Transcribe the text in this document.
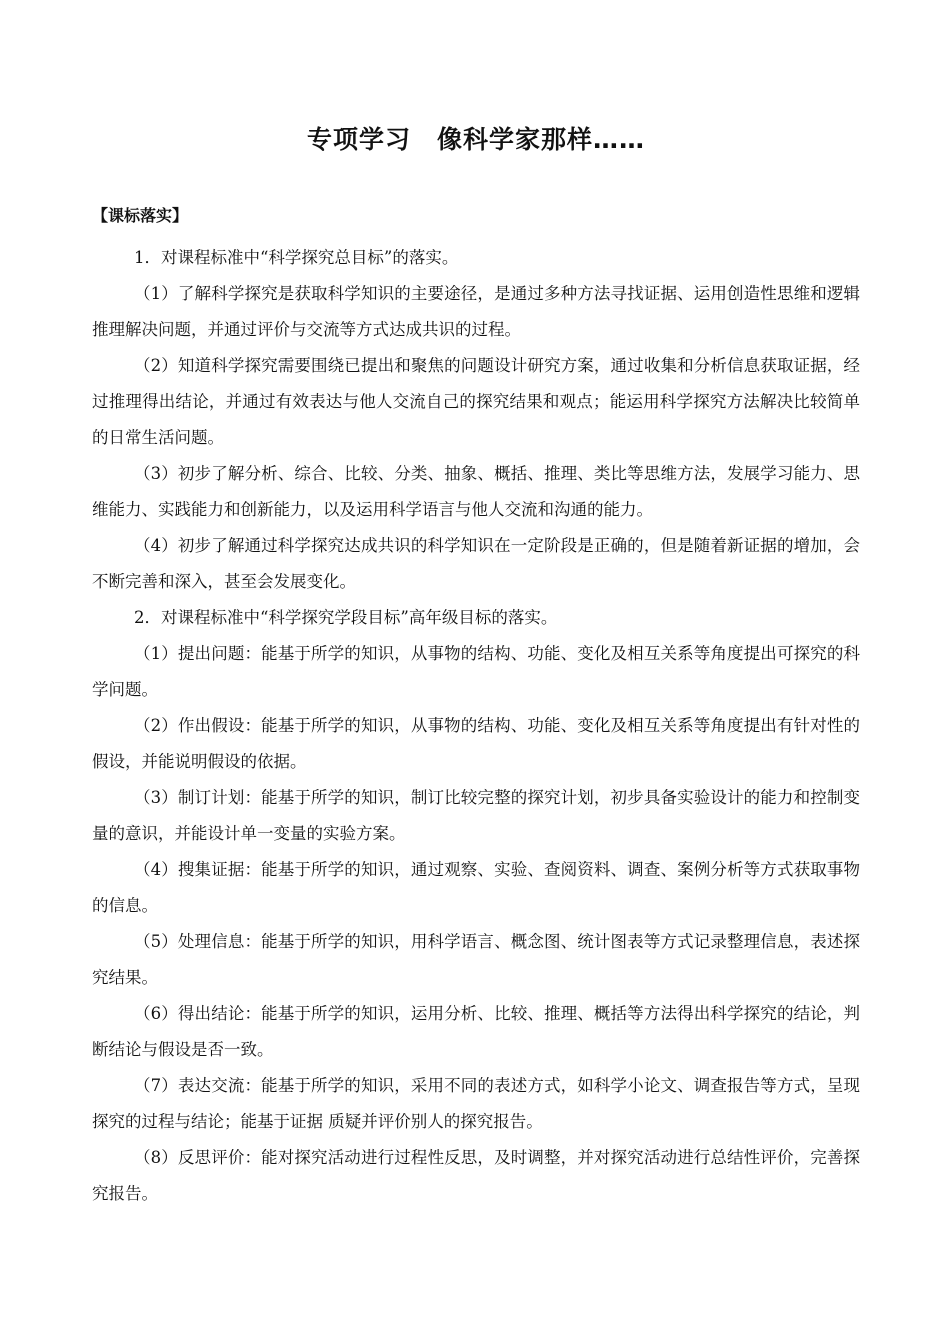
专项学习　像科学家那样……
【课标落实】

1．对课程标准中“科学探究总目标”的落实。

（1）了解科学探究是获取科学知识的主要途径，是通过多种方法寻找证据、运用创造性思维和逻辑推理解决问题，并通过评价与交流等方式达成共识的过程。

（2）知道科学探究需要围绕已提出和聚焦的问题设计研究方案，通过收集和分析信息获取证据，经过推理得出结论，并通过有效表达与他人交流自己的探究结果和观点；能运用科学探究方法解决比较简单的日常生活问题。

（3）初步了解分析、综合、比较、分类、抽象、概括、推理、类比等思维方法，发展学习能力、思维能力、实践能力和创新能力，以及运用科学语言与他人交流和沟通的能力。

（4）初步了解通过科学探究达成共识的科学知识在一定阶段是正确的，但是随着新证据的增加，会不断完善和深入，甚至会发展变化。

2．对课程标准中“科学探究学段目标”高年级目标的落实。

（1）提出问题：能基于所学的知识，从事物的结构、功能、变化及相互关系等角度提出可探究的科学问题。

（2）作出假设：能基于所学的知识，从事物的结构、功能、变化及相互关系等角度提出有针对性的假设，并能说明假设的依据。

（3）制订计划：能基于所学的知识，制订比较完整的探究计划，初步具备实验设计的能力和控制变量的意识，并能设计单一变量的实验方案。

（4）搜集证据：能基于所学的知识，通过观察、实验、查阅资料、调查、案例分析等方式获取事物的信息。

（5）处理信息：能基于所学的知识，用科学语言、概念图、统计图表等方式记录整理信息，表述探究结果。

（6）得出结论：能基于所学的知识，运用分析、比较、推理、概括等方法得出科学探究的结论，判断结论与假设是否一致。

（7）表达交流：能基于所学的知识，采用不同的表述方式，如科学小论文、调查报告等方式，呈现探究的过程与结论；能基于证据 质疑并评价别人的探究报告。

（8）反思评价：能对探究活动进行过程性反思，及时调整，并对探究活动进行总结性评价，完善探究报告。
